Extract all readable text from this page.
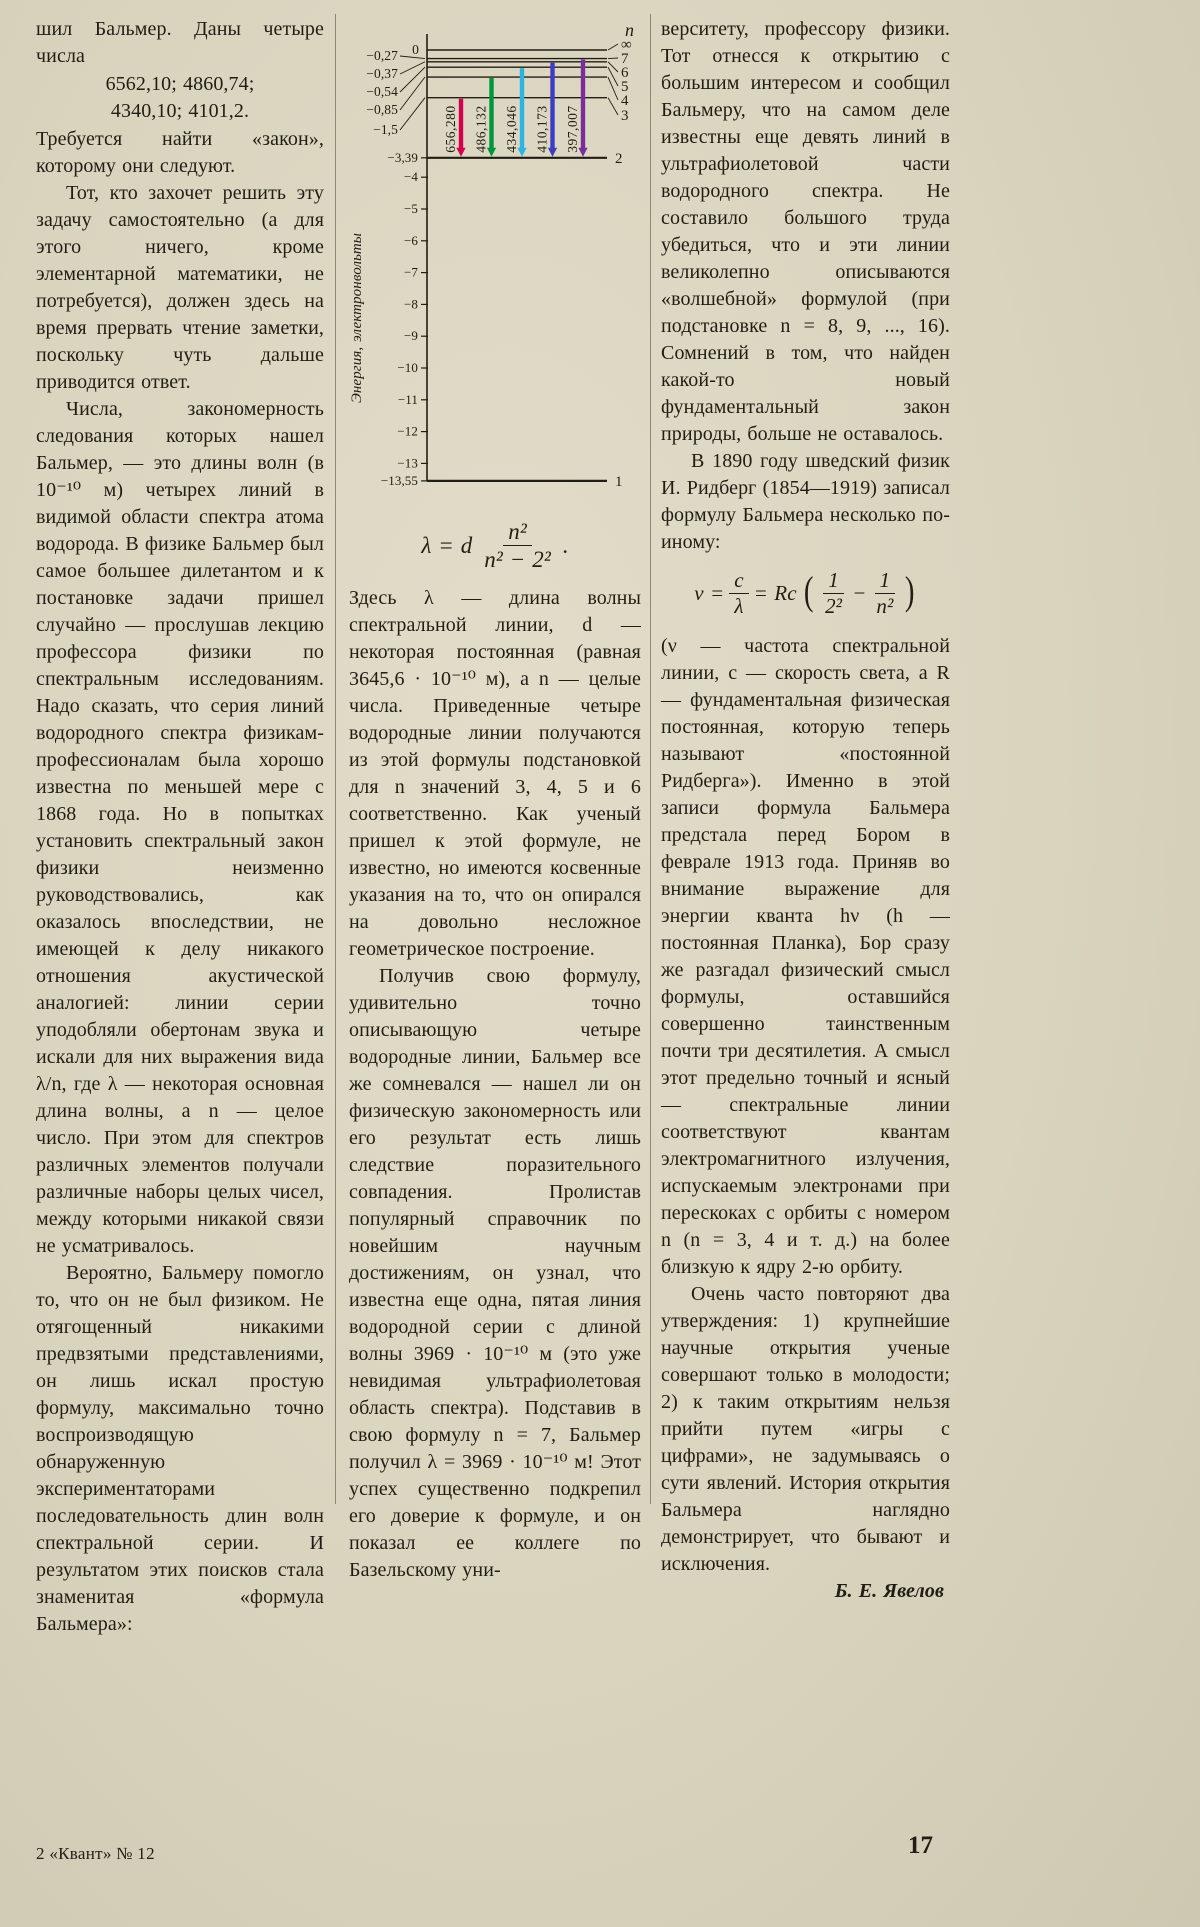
шил Бальмер. Даны четыре числа

6562,10; 4860,74;
4340,10; 4101,2.

Требуется найти «закон», которому они следуют.

Тот, кто захочет решить эту задачу самостоятельно (а для этого ничего, кроме элементарной математики, не потребуется), должен здесь на время прервать чтение заметки, поскольку чуть дальше приводится ответ.

Числа, закономерность следования которых нашел Бальмер, — это длины волн (в 10⁻¹⁰ м) четырех линий в видимой области спектра атома водорода. В физике Бальмер был самое большее дилетантом и к постановке задачи пришел случайно — прослушав лекцию профессора физики по спектральным исследованиям. Надо сказать, что серия линий водородного спектра физикам-профессионалам была хорошо известна по меньшей мере с 1868 года. Но в попытках установить спектральный закон физики неизменно руководствовались, как оказалось впоследствии, не имеющей к делу никакого отношения акустической аналогией: линии серии уподобляли обертонам звука и искали для них выражения вида λ/n, где λ — некоторая основная длина волны, а n — целое число. При этом для спектров различных элементов получали различные наборы целых чисел, между которыми никакой связи не усматривалось.

Вероятно, Бальмеру помогло то, что он не был физиком. Не отягощенный никакими предвзятыми представлениями, он лишь искал простую формулу, максимально точно воспроизводящую обнаруженную экспериментаторами последовательность длин волн спектральной серии. И результатом этих поисков стала знаменитая «формула Бальмера»:

Энергия, электронвольты
n
∞
7
6
5
4
3
2
1
0
−0,27
−0,37
−0,54
−0,85
−1,5
−3,39
−4
−5
−6
−7
−8
−9
−10
−11
−12
−13
−13,55
656,280 486,132 434,046 410,173 397,007
λ = d $\frac{\text{n²}}{\text{n² − 2²}}$ .

Здесь λ — длина волны спектральной линии, d — некоторая постоянная (равная 3645,6 · 10⁻¹⁰ м), а n — целые числа. Приведенные четыре водородные линии получаются из этой формулы подстановкой для n значений 3, 4, 5 и 6 соответственно. Как ученый пришел к этой формуле, не известно, но имеются косвенные указания на то, что он опирался на довольно несложное геометрическое построение.

Получив свою формулу, удивительно точно описывающую четыре водородные линии, Бальмер все же сомневался — нашел ли он физическую закономерность или его результат есть лишь следствие поразительного совпадения. Пролистав популярный справочник по новейшим научным достижениям, он узнал, что известна еще одна, пятая линия водородной серии с длиной волны 3969 · 10⁻¹⁰ м (это уже невидимая ультрафиолетовая область спектра). Подставив в свою формулу n = 7, Бальмер получил λ = 3969 · 10⁻¹⁰ м! Этот успех существенно подкрепил его доверие к формуле, и он показал ее коллеге по Базельскому уни-

верситету, профессору физики. Тот отнесся к открытию с большим интересом и сообщил Бальмеру, что на самом деле известны еще девять линий в ультрафиолетовой части водородного спектра. Не составило большого труда убедиться, что и эти линии великолепно описываются «волшебной» формулой (при подстановке n = 8, 9, ..., 16). Сомнений в том, что найден какой-то новый фундаментальный закон природы, больше не оставалось.

В 1890 году шведский физик И. Ридберг (1854—1919) записал формулу Бальмера несколько по-иному:

$\nu = \frac{c}{\lambda} = Rc$ ( $\frac{1}{\text{2²}} - \frac{1}{\text{n²}}$ )

(ν — частота спектральной линии, c — скорость света, а R — фундаментальная физическая постоянная, которую теперь называют «постоянной Ридберга»). Именно в этой записи формула Бальмера предстала перед Бором в феврале 1913 года. Приняв во внимание выражение для энергии кванта hν (h — постоянная Планка), Бор сразу же разгадал физический смысл формулы, оставшийся совершенно таинственным почти три десятилетия. А смысл этот предельно точный и ясный — спектральные линии соответствуют квантам электромагнитного излучения, испускаемым электронами при перескоках с орбиты с номером n (n = 3, 4 и т. д.) на более близкую к ядру 2-ю орбиту.

Очень часто повторяют два утверждения: 1) крупнейшие научные открытия ученые совершают только в молодости; 2) к таким открытиям нельзя прийти путем «игры с цифрами», не задумываясь о сути явлений. История открытия Бальмера наглядно демонстрирует, что бывают и исключения.

Б. Е. Явелов

2 «Квант» № 12	17
